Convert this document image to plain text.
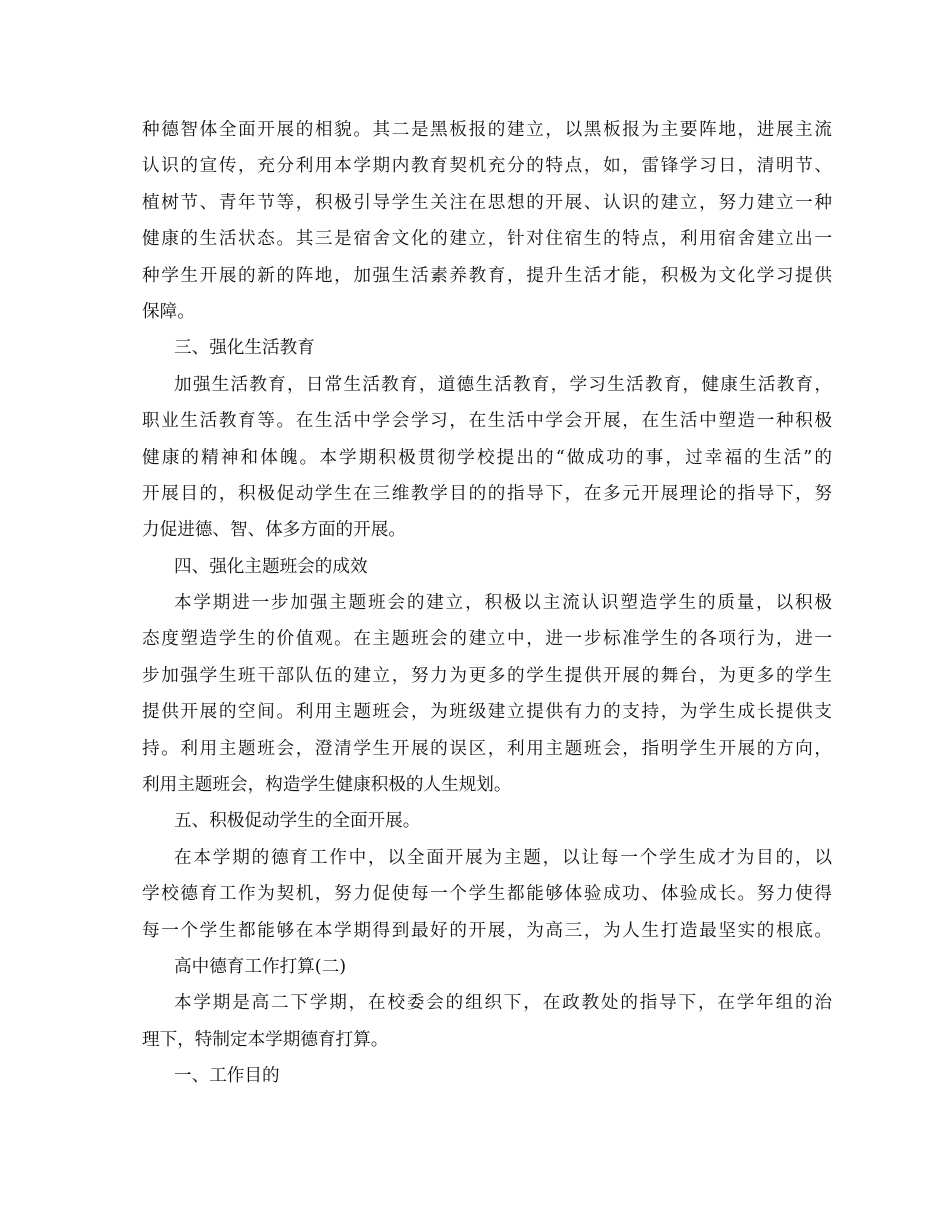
种德智体全面开展的相貌。其二是黑板报的建立，以黑板报为主要阵地，进展主流
认识的宣传，充分利用本学期内教育契机充分的特点，如，雷锋学习日，清明节、
植树节、青年节等，积极引导学生关注在思想的开展、认识的建立，努力建立一种
健康的生活状态。其三是宿舍文化的建立，针对住宿生的特点，利用宿舍建立出一
种学生开展的新的阵地，加强生活素养教育，提升生活才能，积极为文化学习提供
保障。
三、强化生活教育
加强生活教育，日常生活教育，道德生活教育，学习生活教育，健康生活教育，
职业生活教育等。在生活中学会学习，在生活中学会开展，在生活中塑造一种积极
健康的精神和体魄。本学期积极贯彻学校提出的“做成功的事，过幸福的生活”的
开展目的，积极促动学生在三维教学目的的指导下，在多元开展理论的指导下，努
力促进德、智、体多方面的开展。
四、强化主题班会的成效
本学期进一步加强主题班会的建立，积极以主流认识塑造学生的质量，以积极
态度塑造学生的价值观。在主题班会的建立中，进一步标准学生的各项行为，进一
步加强学生班干部队伍的建立，努力为更多的学生提供开展的舞台，为更多的学生
提供开展的空间。利用主题班会，为班级建立提供有力的支持，为学生成长提供支
持。利用主题班会，澄清学生开展的误区，利用主题班会，指明学生开展的方向，
利用主题班会，构造学生健康积极的人生规划。
五、积极促动学生的全面开展。
在本学期的德育工作中，以全面开展为主题，以让每一个学生成才为目的，以
学校德育工作为契机，努力促使每一个学生都能够体验成功、体验成长。努力使得
每一个学生都能够在本学期得到最好的开展，为高三，为人生打造最坚实的根底。
高中德育工作打算(二)
本学期是高二下学期，在校委会的组织下，在政教处的指导下，在学年组的治
理下，特制定本学期德育打算。
一、工作目的
